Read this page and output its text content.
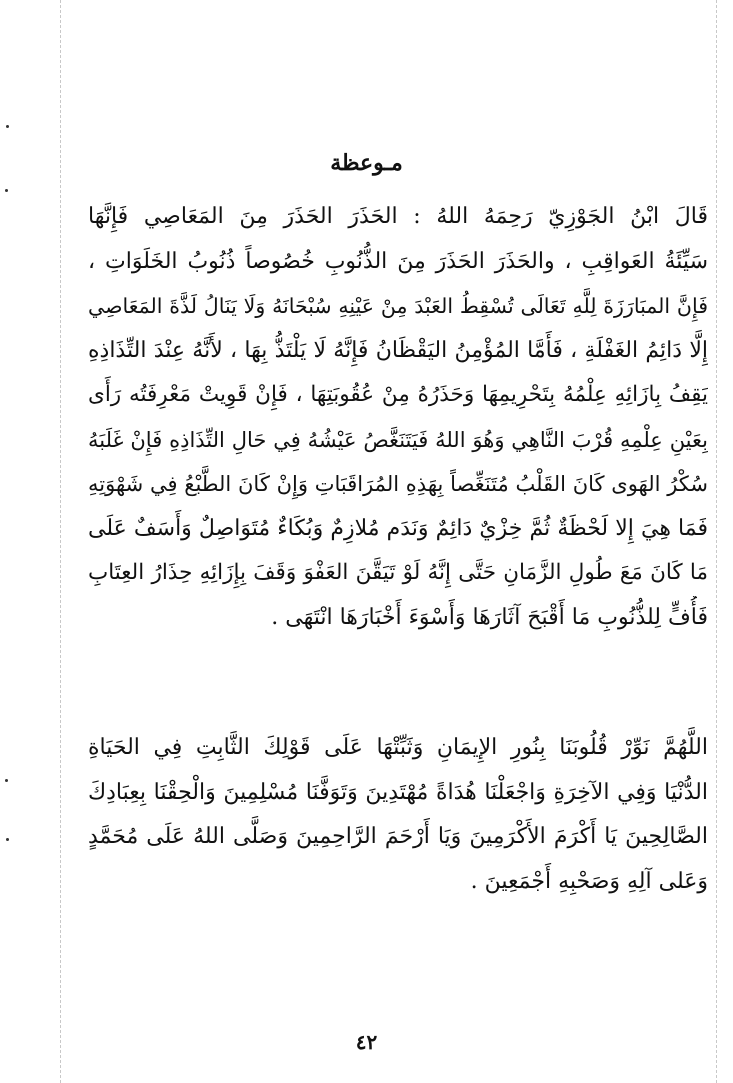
مـوعظة
قَالَ ابْنُ الجَوْزِيّ رَحِمَهُ اللهُ : الحَذَرَ الحَذَرَ مِنَ المَعَاصِي فَإِنَّهَا
سَيِّئَةُ العَواقِبِ ، والحَذَرَ الحَذَرَ مِنَ الذُّنُوبِ خُصُوصاً ذُنُوبُ الخَلَوَاتِ ،
فَإِنَّ المبَارَزَةَ لِلَّهِ تَعَالَى تُسْقِطُ العَبْدَ مِنْ عَيْنِهِ سُبْحَانَهُ وَلَا يَنَالُ لَذَّةَ المَعَاصِي
إِلَّا دَائِمُ الغَفْلَةِ ، فَأَمَّا المُؤْمِنُ اليَقْظَانُ فَإِنَّهُ لَا يَلْتَذُّ بِهَا ، لأَنَّهُ عِنْدَ التِّذَاذِهِ
يَقِفُ بِازَائِهِ عِلْمُهُ بِتَحْرِيمِهَا وَحَذَرُهُ مِنْ عُقُوبَتِهَا ، فَإِنْ قَوِيتْ مَعْرِفَتُه رَأَى
بِعَيْنِ عِلْمِهِ قُرْبَ النَّاهِي وَهُوَ اللهُ فَيَتَنَغَّصُ عَيْشُهُ فِي حَالِ التِّذَاذِهِ فَإِنْ غَلَبَهُ
سُكْرُ الهَوى كَانَ القَلْبُ مُتَنَغِّصاً بِهَذِهِ المُرَاقَبَاتِ وَإِنْ كَانَ الطَّبْعُ فِي شَهْوَتِهِ
فَمَا هِيَ إِلا لَحْظَةٌ ثُمَّ خِزْيٌ دَائِمٌ وَنَدَم مُلازِمٌ وَبُكَاءٌ مُتَوَاصِلٌ وَأَسَفٌ عَلَى
مَا كَانَ مَعَ طُولِ الزَّمَانِ حَتَّى إِنَّهُ لَوْ تَيَقَّنَ العَفْوَ وَقَفَ بِإِزَائِهِ حِذَارُ العِتَابِ
فَأُفٍّ لِلذُّنُوبِ مَا أَقْبَحَ آثَارَهَا وَأَسْوَءَ أَخْبَارَهَا انْتَهَى .
اللَّهُمَّ نَوِّرْ قُلُوبَنَا بِنُورِ الإِيمَانِ وَثَبِّتْهَا عَلَى قَوْلِكَ الثَّابِتِ فِي الحَيَاةِ
الدُّنْيَا وَفِي الآخِرَةِ وَاجْعَلْنَا هُدَاةً مُهْتَدِينَ وَتَوَفَّنَا مُسْلِمِينَ وَالْحِقْنَا بِعِبَادِكَ
الصَّالِحِينَ يَا أَكْرَمَ الأَكْرَمِينَ وَيَا أَرْحَمَ الرَّاحِمِينَ وَصَلَّى اللهُ عَلَى مُحَمَّدٍ
وَعَلى آلِهِ وَصَحْبِهِ أَجْمَعِينَ .
٤٢
